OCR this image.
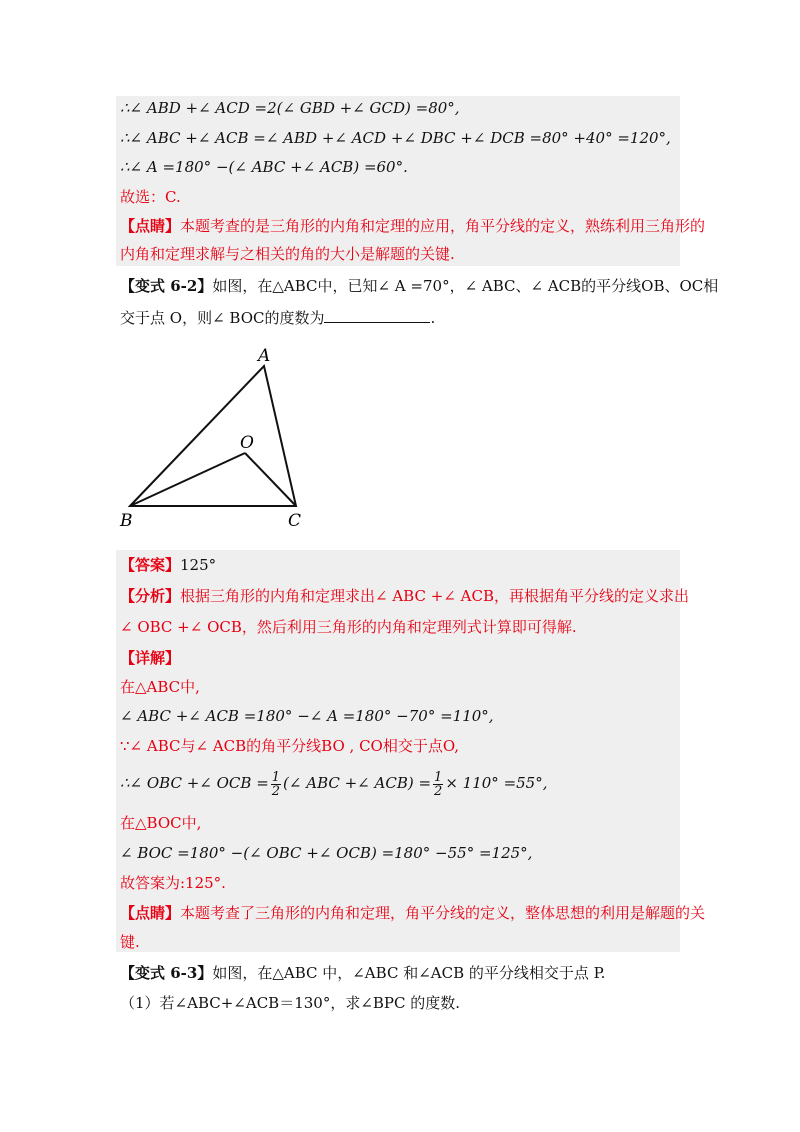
∴∠ ABD +∠ ACD =2(∠ GBD +∠ GCD) =80°,
∴∠ ABC +∠ ACB =∠ ABD +∠ ACD +∠ DBC +∠ DCB =80° +40° =120°,
∴∠ A =180° −(∠ ABC +∠ ACB) =60°.
故选：C.
【点睛】本题考查的是三角形的内角和定理的应用，角平分线的定义，熟练利用三角形的
内角和定理求解与之相关的角的大小是解题的关键.
【变式 6-2】如图，在△ABC中，已知∠ A =70°，∠ ABC、∠ ACB的平分线OB、OC相
交于点 O，则∠ BOC的度数为	.
A
O
B	C
【答案】125°
【分析】根据三角形的内角和定理求出∠ ABC +∠ ACB，再根据角平分线的定义求出
∠ OBC +∠ OCB，然后利用三角形的内角和定理列式计算即可得解.
【详解】
在△ABC中,
∠ ABC +∠ ACB =180° −∠ A =180° −70° =110°,
∵∠ ABC与∠ ACB的角平分线BO , CO相交于点O,
∴∠ OBC +∠ OCB = $\frac{1}{2}$ (∠ ABC +∠ $ACB) = \frac{1}{2} \times 110^\circ =55^\circ$,
在△BOC中,
∠ BOC =180° −(∠ OBC +∠ OCB) =180° −55° =125°,
故答案为:125°.
【点睛】本题考查了三角形的内角和定理，角平分线的定义，整体思想的利用是解题的关
键.
【变式 6-3】如图，在△ABC 中，∠ABC 和∠ACB 的平分线相交于点 P.
（1）若∠ABC+∠ACB＝130°，求∠BPC 的度数.
